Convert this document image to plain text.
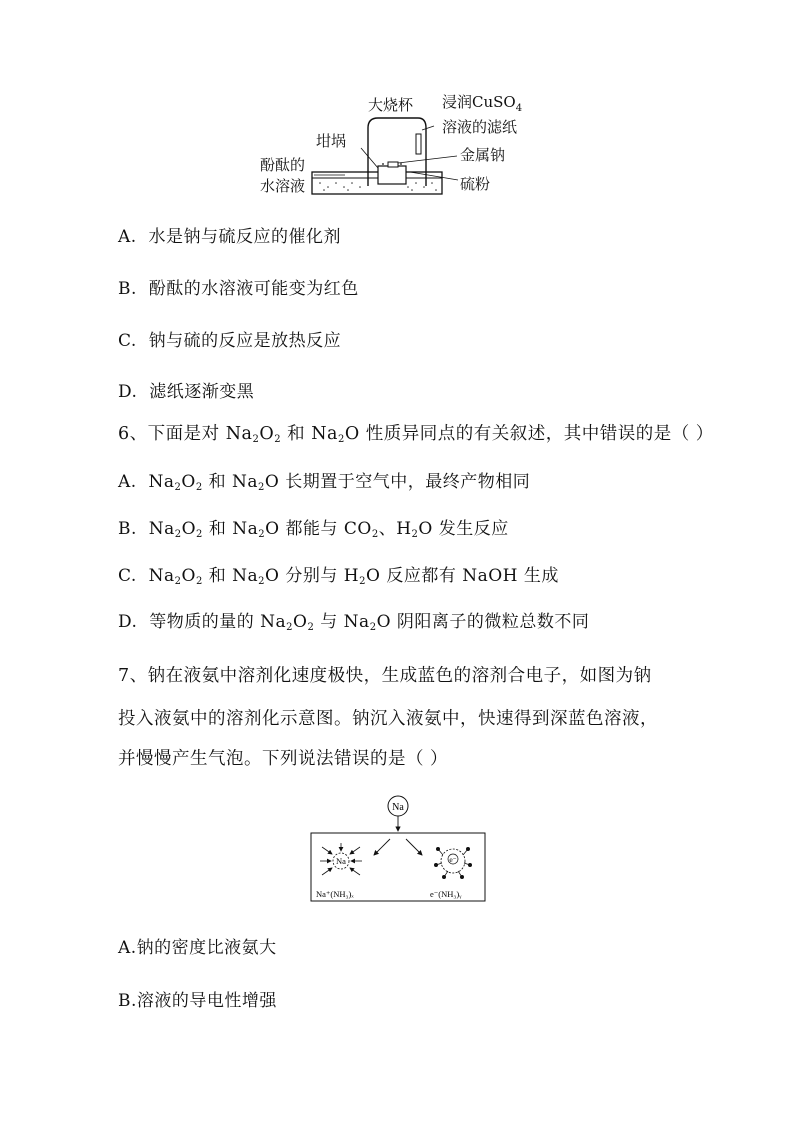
大烧杯 浸润CuSO$_4$
溶液的滤纸
坩埚
金属钠
酚酞的
水溶液	硫粉
A. 水是钠与硫反应的催化剂
B. 酚酞的水溶液可能变为红色
C. 钠与硫的反应是放热反应
D. 滤纸逐渐变黑
6、下面是对 $Na_2O_2$ 和 $Na_2O$ 性质异同点的有关叙述，其中错误的是（ ）
A. $Na_2O_2$ 和 $Na_2O$ 长期置于空气中，最终产物相同
B. $Na_2O_2$ 和 $Na_2O$ 都能与 $CO_2$、$H_2O$ 发生反应
C. $Na_2O_2$ 和 $Na_2O$ 分别与 $H_2O$ 反应都有 NaOH 生成
D. 等物质的量的 $Na_2O_2$ 与 $Na_2O$ 阴阳离子的微粒总数不同
7、钠在液氨中溶剂化速度极快，生成蓝色的溶剂合电子，如图为钠
投入液氨中的溶剂化示意图。钠沉入液氨中，快速得到深蓝色溶液，
并慢慢产生气泡。下列说法错误的是（ ）
Na
Na
Na⁺(NH₃)ₓ
e⁻
e⁻(NH₃)ᵧ
A.钠的密度比液氨大
B.溶液的导电性增强
